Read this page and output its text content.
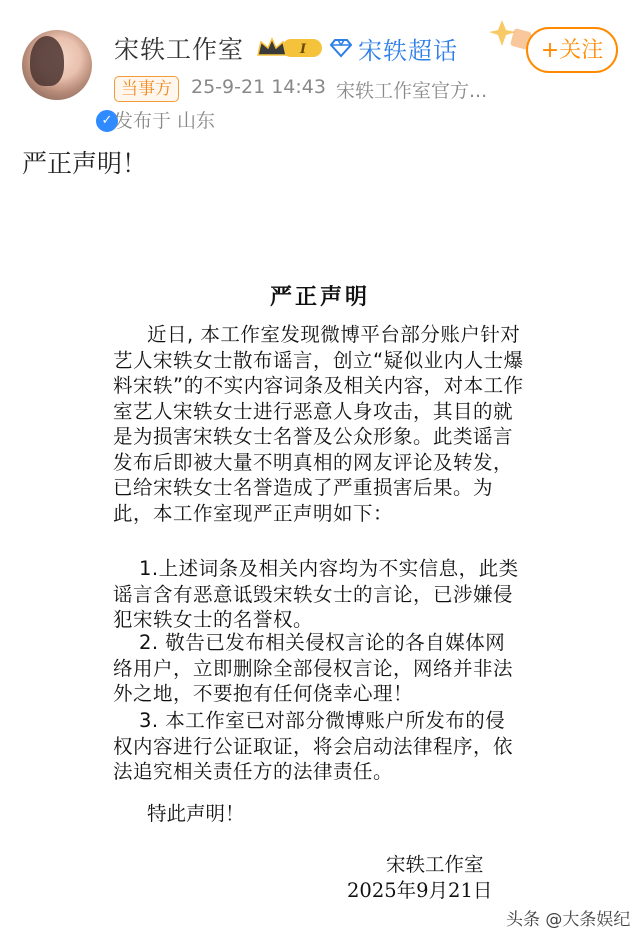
✓
宋轶工作室	I 宋轶超话	+关注
当事方	25-9-21 14:43 宋轶工作室官方...
发布于 山东
严正声明！
严正声明
近日, 本工作室发现微博平台部分账户针对艺人宋轶女士散布谣言，创立“疑似业内人士爆料宋轶”的不实内容词条及相关内容，对本工作室艺人宋轶女士进行恶意人身攻击，其目的就是为损害宋轶女士名誉及公众形象。此类谣言发布后即被大量不明真相的网友评论及转发，已给宋轶女士名誉造成了严重损害后果。为此，本工作室现严正声明如下：
1.上述词条及相关内容均为不实信息，此类谣言含有恶意诋毁宋轶女士的言论，已涉嫌侵犯宋轶女士的名誉权。
2. 敬告已发布相关侵权言论的各自媒体网络用户，立即删除全部侵权言论，网络并非法外之地，不要抱有任何侥幸心理！
3. 本工作室已对部分微博账户所发布的侵权内容进行公证取证，将会启动法律程序，依法追究相关责任方的法律责任。
特此声明！
宋轶工作室
2025年9月21日
头条 @大条娱纪
